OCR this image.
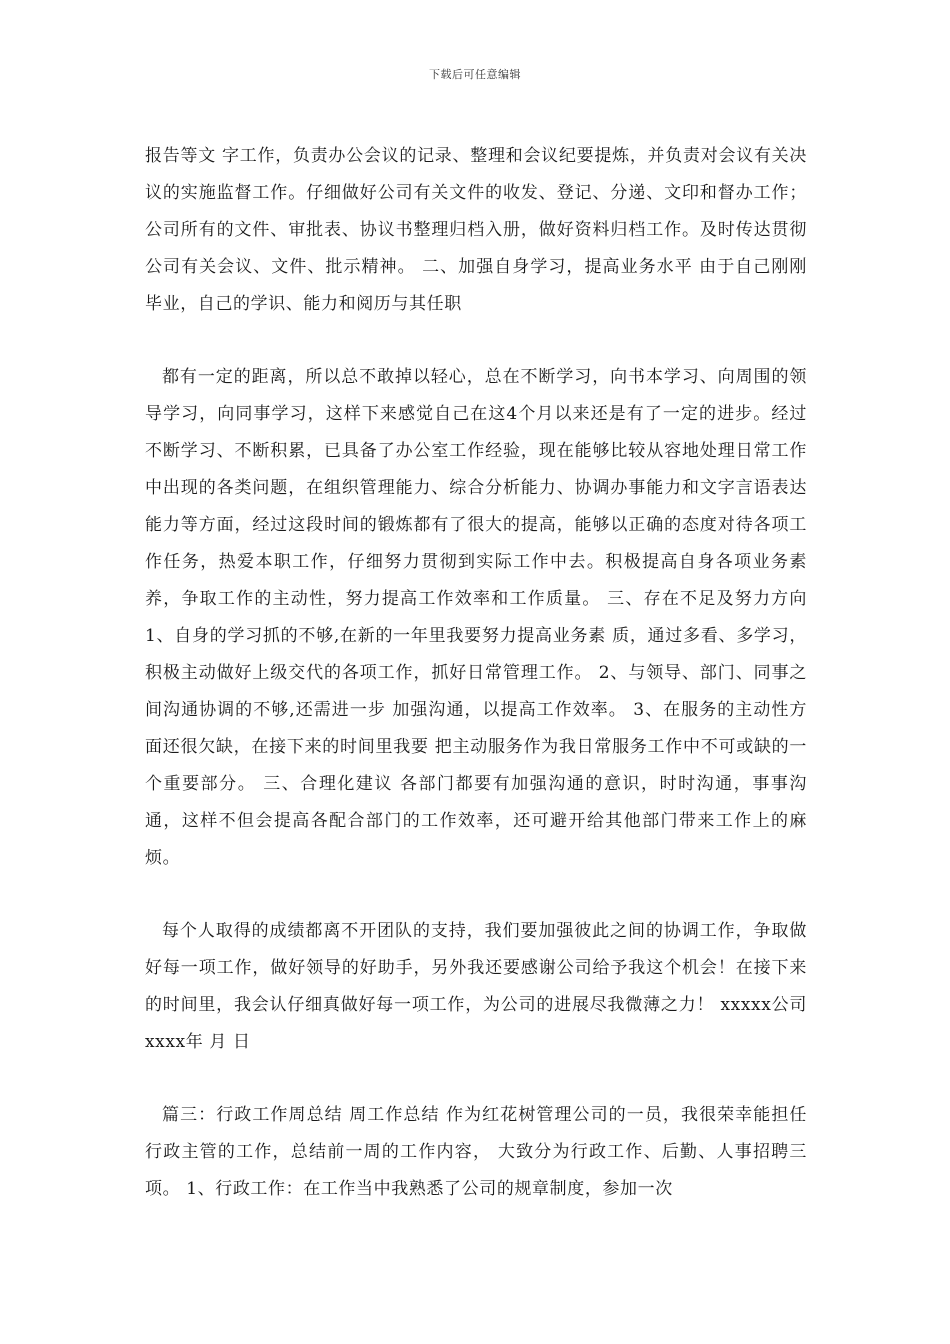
下载后可任意编辑

报告等文 字工作，负责办公会议的记录、整理和会议纪要提炼，并负责对会议有关决议的实施监督工作。仔细做好公司有关文件的收发、登记、分递、文印和督办工作；公司所有的文件、审批表、协议书整理归档入册，做好资料归档工作。及时传达贯彻公司有关会议、文件、批示精神。 二、加强自身学习，提高业务水平 由于自己刚刚毕业，自己的学识、能力和阅历与其任职

都有一定的距离，所以总不敢掉以轻心，总在不断学习，向书本学习、向周围的领导学习，向同事学习，这样下来感觉自己在这4个月以来还是有了一定的进步。经过不断学习、不断积累，已具备了办公室工作经验，现在能够比较从容地处理日常工作中出现的各类问题，在组织管理能力、综合分析能力、协调办事能力和文字言语表达能力等方面，经过这段时间的锻炼都有了很大的提高，能够以正确的态度对待各项工作任务，热爱本职工作，仔细努力贯彻到实际工作中去。积极提高自身各项业务素养，争取工作的主动性，努力提高工作效率和工作质量。 三、存在不足及努力方向 1、自身的学习抓的不够,在新的一年里我要努力提高业务素 质，通过多看、多学习，积极主动做好上级交代的各项工作，抓好日常管理工作。 2、与领导、部门、同事之间沟通协调的不够,还需进一步 加强沟通，以提高工作效率。 3、在服务的主动性方面还很欠缺，在接下来的时间里我要 把主动服务作为我日常服务工作中不可或缺的一个重要部分。 三、合理化建议 各部门都要有加强沟通的意识，时时沟通，事事沟通，这样不但会提高各配合部门的工作效率，还可避开给其他部门带来工作上的麻烦。

每个人取得的成绩都离不开团队的支持，我们要加强彼此之间的协调工作，争取做好每一项工作，做好领导的好助手，另外我还要感谢公司给予我这个机会！在接下来的时间里，我会认仔细真做好每一项工作，为公司的进展尽我微薄之力！ xxxxx公司xxxx年 月 日

篇三：行政工作周总结 周工作总结 作为红花树管理公司的一员，我很荣幸能担任行政主管的工作，总结前一周的工作内容， 大致分为行政工作、后勤、人事招聘三项。 1、行政工作：在工作当中我熟悉了公司的规章制度，参加一次
